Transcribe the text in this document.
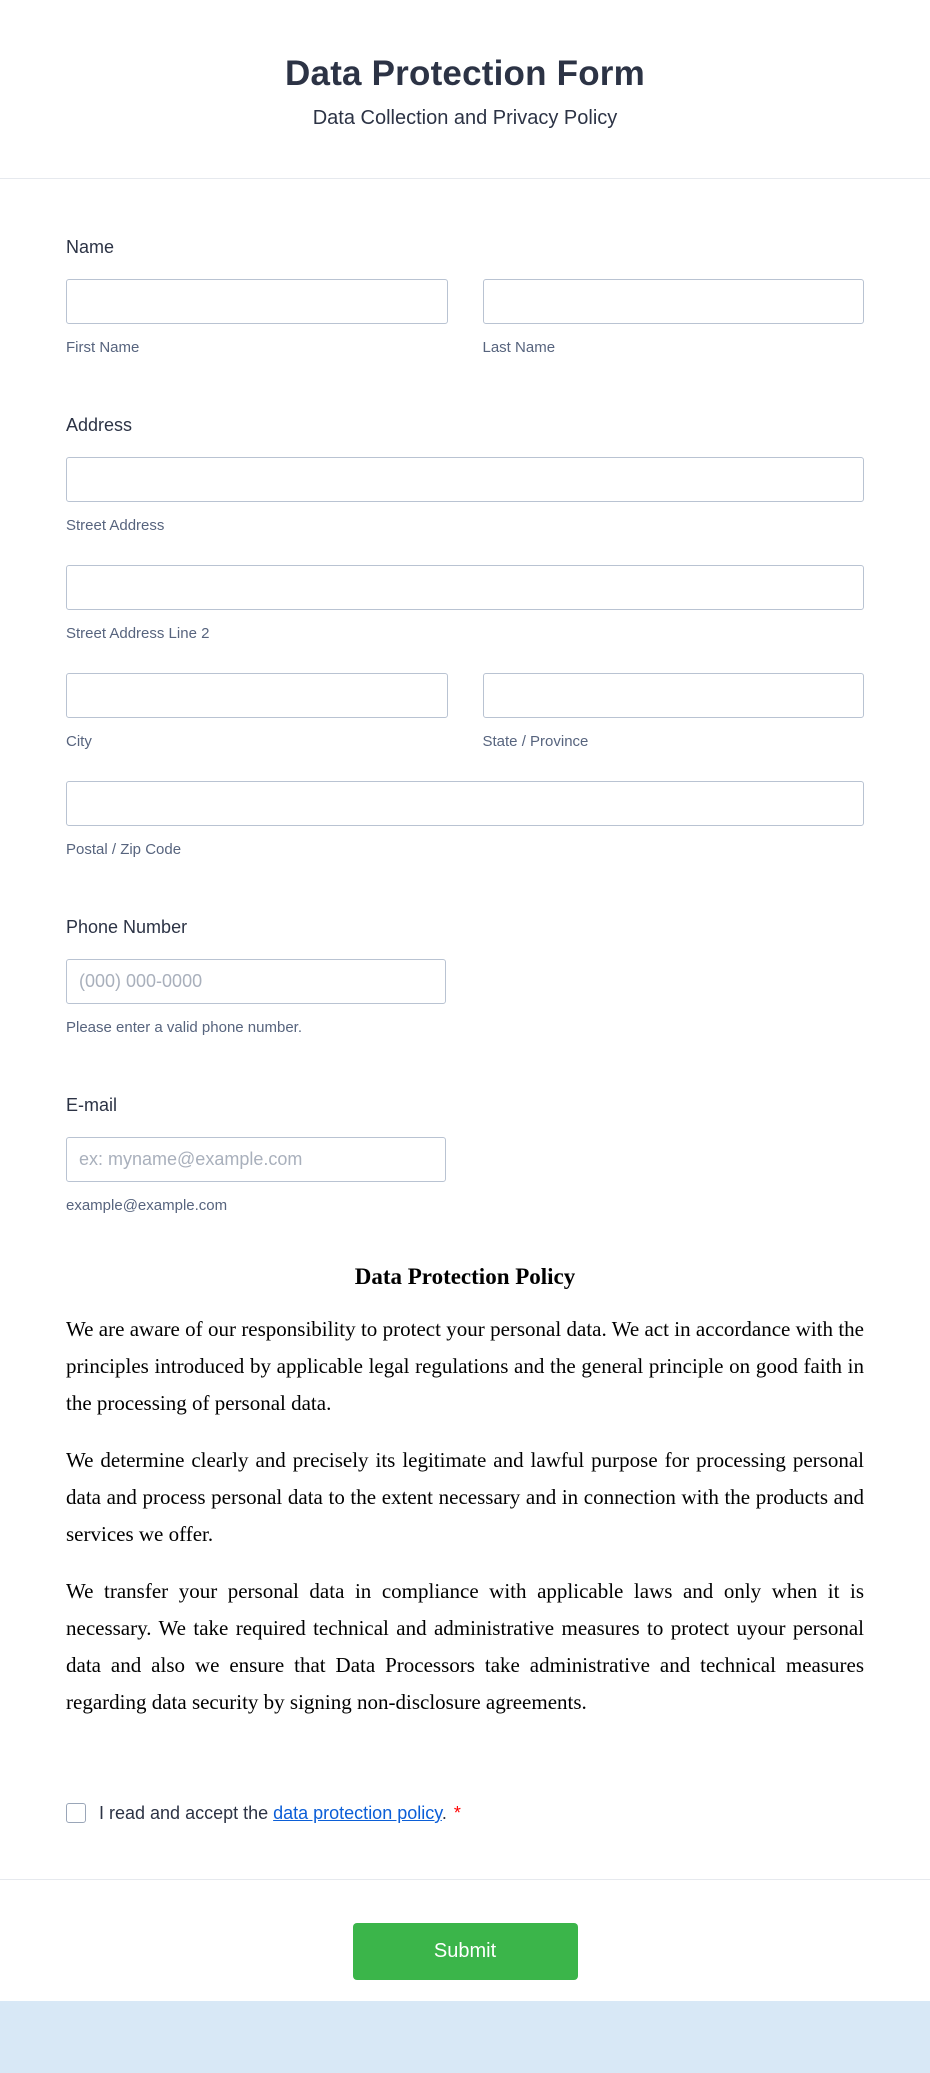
Data Protection Form
Data Collection and Privacy Policy
Name
First Name	Last Name
Address
Street Address
Street Address Line 2
City	State / Province
Postal / Zip Code
Phone Number
(000) 000-0000
Please enter a valid phone number.
E-mail
ex: myname@example.com
example@example.com
Data Protection Policy

We are aware of our responsibility to protect your personal data. We act in accordance with the principles introduced by applicable legal regulations and the general principle on good faith in the processing of personal data.

We determine clearly and precisely its legitimate and lawful purpose for processing personal data and process personal data to the extent necessary and in connection with the products and services we offer.

We transfer your personal data in compliance with applicable laws and only when it is necessary. We take required technical and administrative measures to protect uyour personal data and also we ensure that Data Processors take administrative and technical measures regarding data security by signing non-disclosure agreements.

I read and accept the data protection policy. *
Submit
